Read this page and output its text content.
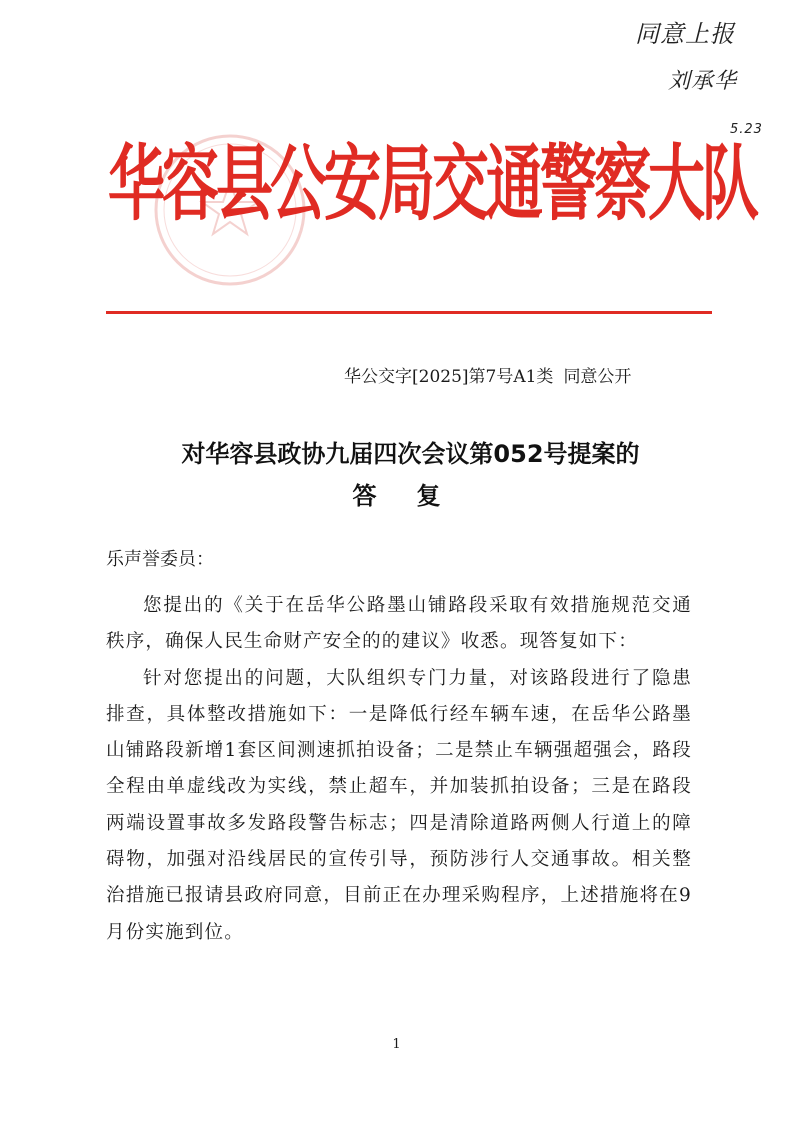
同意上报
刘承华
5.23
华容县公安局交通警察大队
华公交字[2025]第7号A1类 同意公开
对华容县政协九届四次会议第052号提案的
答复
乐声誉委员：

您提出的《关于在岳华公路墨山铺路段采取有效措施规范交通秩序，确保人民生命财产安全的的建议》收悉。现答复如下：

针对您提出的问题，大队组织专门力量，对该路段进行了隐患排查，具体整改措施如下：一是降低行经车辆车速，在岳华公路墨山铺路段新增1套区间测速抓拍设备；二是禁止车辆强超强会，路段全程由单虚线改为实线，禁止超车，并加装抓拍设备；三是在路段两端设置事故多发路段警告标志；四是清除道路两侧人行道上的障碍物，加强对沿线居民的宣传引导，预防涉行人交通事故。相关整治措施已报请县政府同意，目前正在办理采购程序，上述措施将在9月份实施到位。

1
